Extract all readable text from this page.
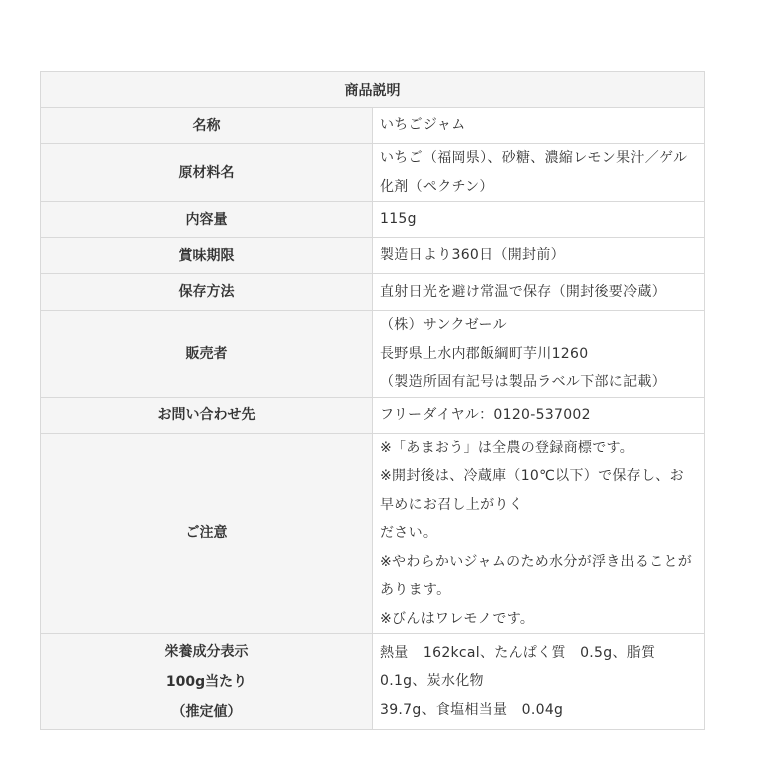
商品説明	

名称	いちごジャム

原材料名	いちご（福岡県）、砂糖、濃縮レモン果汁／ゲル化剤（ペクチン）

内容量	115g

賞味期限	製造日より360日（開封前）

保存方法	直射日光を避け常温で保存（開封後要冷蔵）

販売者	（株）サンクゼール
長野県上水内郡飯綱町芋川1260
（製造所固有記号は製品ラベル下部に記載）

お問い合わせ先	フリーダイヤル：0120-537002

ご注意	※「あまおう」は全農の登録商標です。
※開封後は、冷蔵庫（10℃以下）で保存し、お早めにお召し上がりく
ださい。
※やわらかいジャムのため水分が浮き出ることがあります。
※びんはワレモノです。

栄養成分表示
100g当たり
（推定値）	熱量　162kcal、たんぱく質　0.5g、脂質　0.1g、炭水化物
39.7g、食塩相当量　0.04g
